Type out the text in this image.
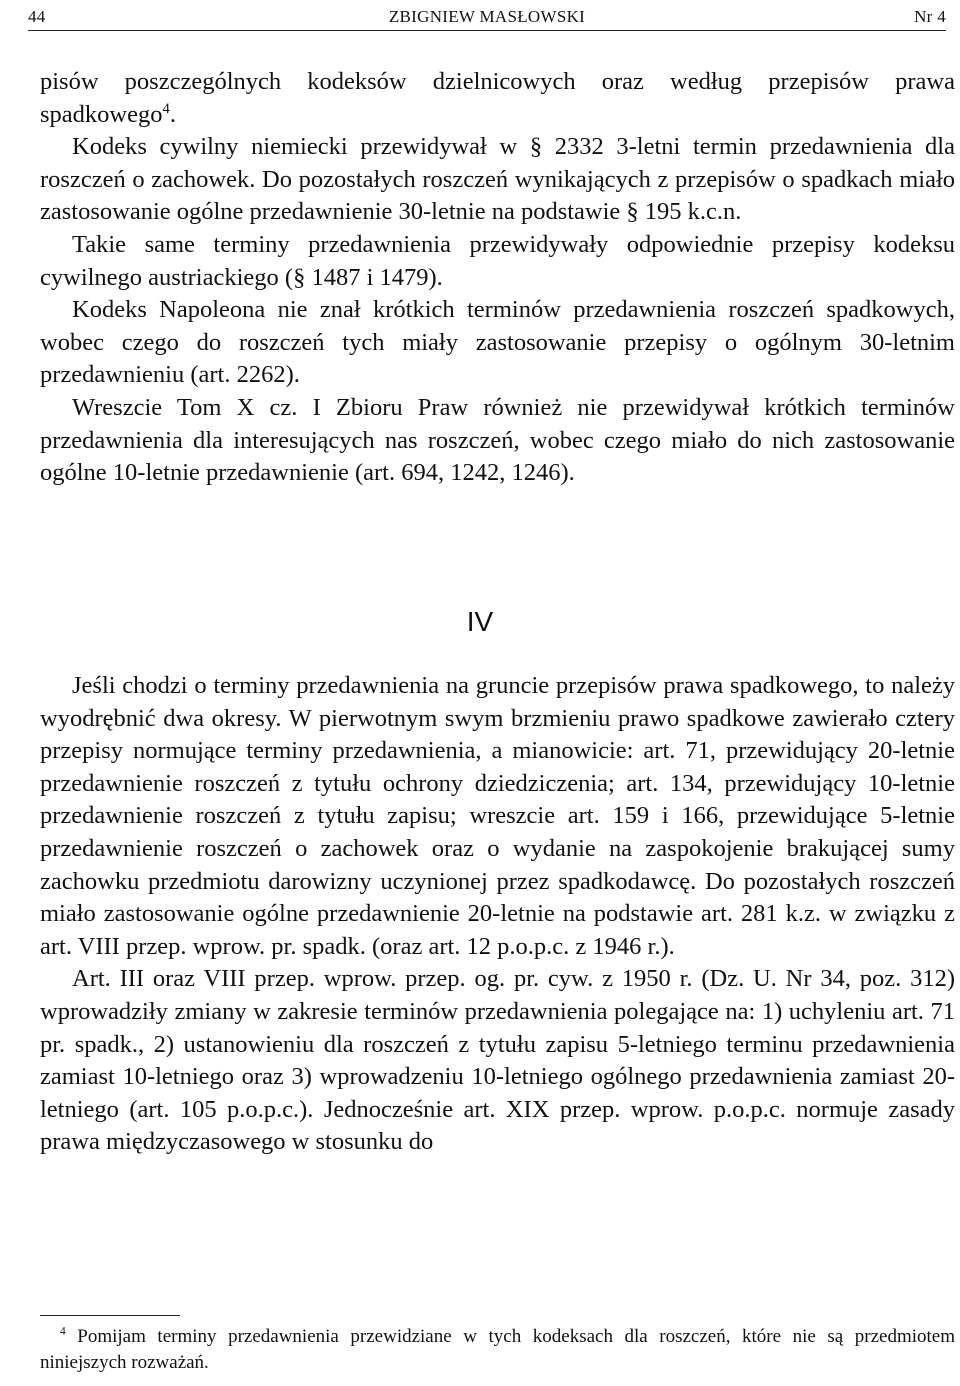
44	ZBIGNIEW MASŁOWSKI	Nr 4

pisów poszczególnych kodeksów dzielnicowych oraz według przepisów prawa spadkowego$^4$.

Kodeks cywilny niemiecki przewidywał w § 2332 3-letni termin przedawnienia dla roszczeń o zachowek. Do pozostałych roszczeń wynikających z przepisów o spadkach miało zastosowanie ogólne przedawnienie 30-letnie na podstawie § 195 k.c.n.

Takie same terminy przedawnienia przewidywały odpowiednie przepisy kodeksu cywilnego austriackiego (§ 1487 i 1479).

Kodeks Napoleona nie znał krótkich terminów przedawnienia roszczeń spadkowych, wobec czego do roszczeń tych miały zastosowanie przepisy o ogólnym 30-letnim przedawnieniu (art. 2262).

Wreszcie Tom X cz. I Zbioru Praw również nie przewidywał krótkich terminów przedawnienia dla interesujących nas roszczeń, wobec czego miało do nich zastosowanie ogólne 10-letnie przedawnienie (art. 694, 1242, 1246).

IV

Jeśli chodzi o terminy przedawnienia na gruncie przepisów prawa spadkowego, to należy wyodrębnić dwa okresy. W pierwotnym swym brzmieniu prawo spadkowe zawierało cztery przepisy normujące terminy przedawnienia, a mianowicie: art. 71, przewidujący 20-letnie przedawnienie roszczeń z tytułu ochrony dziedziczenia; art. 134, przewidujący 10-letnie przedawnienie roszczeń z tytułu zapisu; wreszcie art. 159 i 166, przewidujące 5-letnie przedawnienie roszczeń o zachowek oraz o wydanie na zaspokojenie brakującej sumy zachowku przedmiotu darowizny uczynionej przez spadkodawcę. Do pozostałych roszczeń miało zastosowanie ogólne przedawnienie 20-letnie na podstawie art. 281 k.z. w związku z art. VIII przep. wprow. pr. spadk. (oraz art. 12 p.o.p.c. z 1946 r.).

Art. III oraz VIII przep. wprow. przep. og. pr. cyw. z 1950 r. (Dz. U. Nr 34, poz. 312) wprowadziły zmiany w zakresie terminów przedawnienia polegające na: 1) uchyleniu art. 71 pr. spadk., 2) ustanowieniu dla roszczeń z tytułu zapisu 5-letniego terminu przedawnienia zamiast 10-letniego oraz 3) wprowadzeniu 10-letniego ogólnego przedawnienia zamiast 20-letniego (art. 105 p.o.p.c.). Jednocześnie art. XIX przep. wprow. p.o.p.c. normuje zasady prawa międzyczasowego w stosunku do

$^4$ Pomijam terminy przedawnienia przewidziane w tych kodeksach dla roszczeń, które nie są przedmiotem niniejszych rozważań.
